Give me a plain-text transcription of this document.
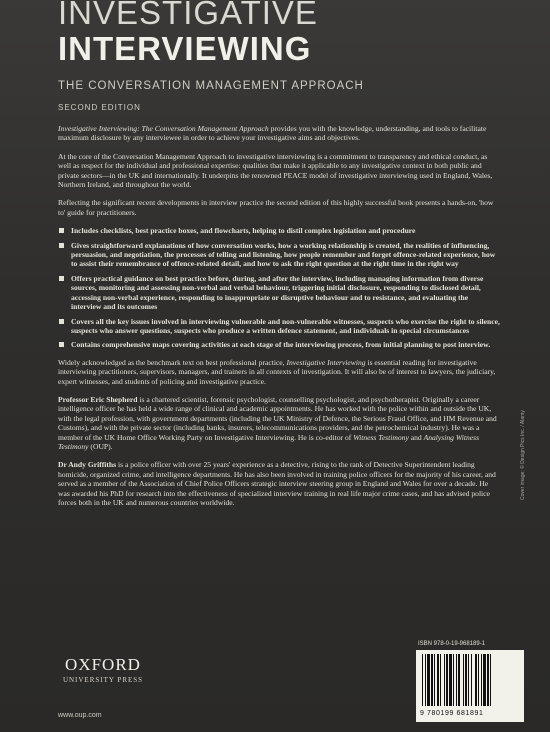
INVESTIGATIVE
INTERVIEWING
THE CONVERSATION MANAGEMENT APPROACH
SECOND EDITION

Investigative Interviewing: The Conversation Management Approach provides you with the knowledge, understanding, and tools to facilitate maximum disclosure by any interviewee in order to achieve your investigative aims and objectives.

At the core of the Conversation Management Approach to investigative interviewing is a commitment to transparency and ethical conduct, as well as respect for the individual and professional expertise: qualities that make it applicable to any investigative context in both public and private sectors—in the UK and internationally. It underpins the renowned PEACE model of investigative interviewing used in England, Wales, Northern Ireland, and throughout the world.

Reflecting the significant recent developments in interview practice the second edition of this highly successful book presents a hands-on, 'how to' guide for practitioners.

Includes checklists, best practice boxes, and flowcharts, helping to distil complex legislation and procedure
Gives straightforward explanations of how conversation works, how a working relationship is created, the realities of influencing, persuasion, and negotiation, the processes of telling and listening, how people remember and forget offence-related experience, how to assist their remembrance of offence-related detail, and how to ask the right question at the right time in the right way
Offers practical guidance on best practice before, during, and after the interview, including managing information from diverse sources, monitoring and assessing non-verbal and verbal behaviour, triggering initial disclosure, responding to disclosed detail, accessing non-verbal experience, responding to inappropriate or disruptive behaviour and to resistance, and evaluating the interview and its outcomes
Covers all the key issues involved in interviewing vulnerable and non-vulnerable witnesses, suspects who exercise the right to silence, suspects who answer questions, suspects who produce a written defence statement, and individuals in special circumstances
Contains comprehensive maps covering activities at each stage of the interviewing process, from initial planning to post interview.

Widely acknowledged as the benchmark text on best professional practice, Investigative Interviewing is essential reading for investigative interviewing practitioners, supervisors, managers, and trainers in all contexts of investigation. It will also be of interest to lawyers, the judiciary, expert witnesses, and students of policing and investigative practice.

Professor Eric Shepherd is a chartered scientist, forensic psychologist, counselling psychologist, and psychotherapist. Originally a career intelligence officer he has held a wide range of clinical and academic appointments. He has worked with the police within and outside the UK, with the legal profession, with government departments (including the UK Ministry of Defence, the Serious Fraud Office, and HM Revenue and Customs), and with the private sector (including banks, insurers, telecommunications providers, and the petrochemical industry). He was a member of the UK Home Office Working Party on Investigative Interviewing. He is co-editor of Witness Testimony and Analysing Witness Testimony (OUP).

Dr Andy Griffiths is a police officer with over 25 years' experience as a detective, rising to the rank of Detective Superintendent leading homicide, organized crime, and intelligence departments. He has also been involved in training police officers for the majority of his career, and served as a member of the Association of Chief Police Officers strategic interview steering group in England and Wales for over a decade. He was awarded his PhD for research into the effectiveness of specialized interview training in real life major crime cases, and has advised police forces both in the UK and numerous countries worldwide.

Cover image: © Design Pics Inc. / Alamy
OXFORD
UNIVERSITY PRESS
www.oup.com
ISBN 978-0-19-968189-1
9 780199 681891
